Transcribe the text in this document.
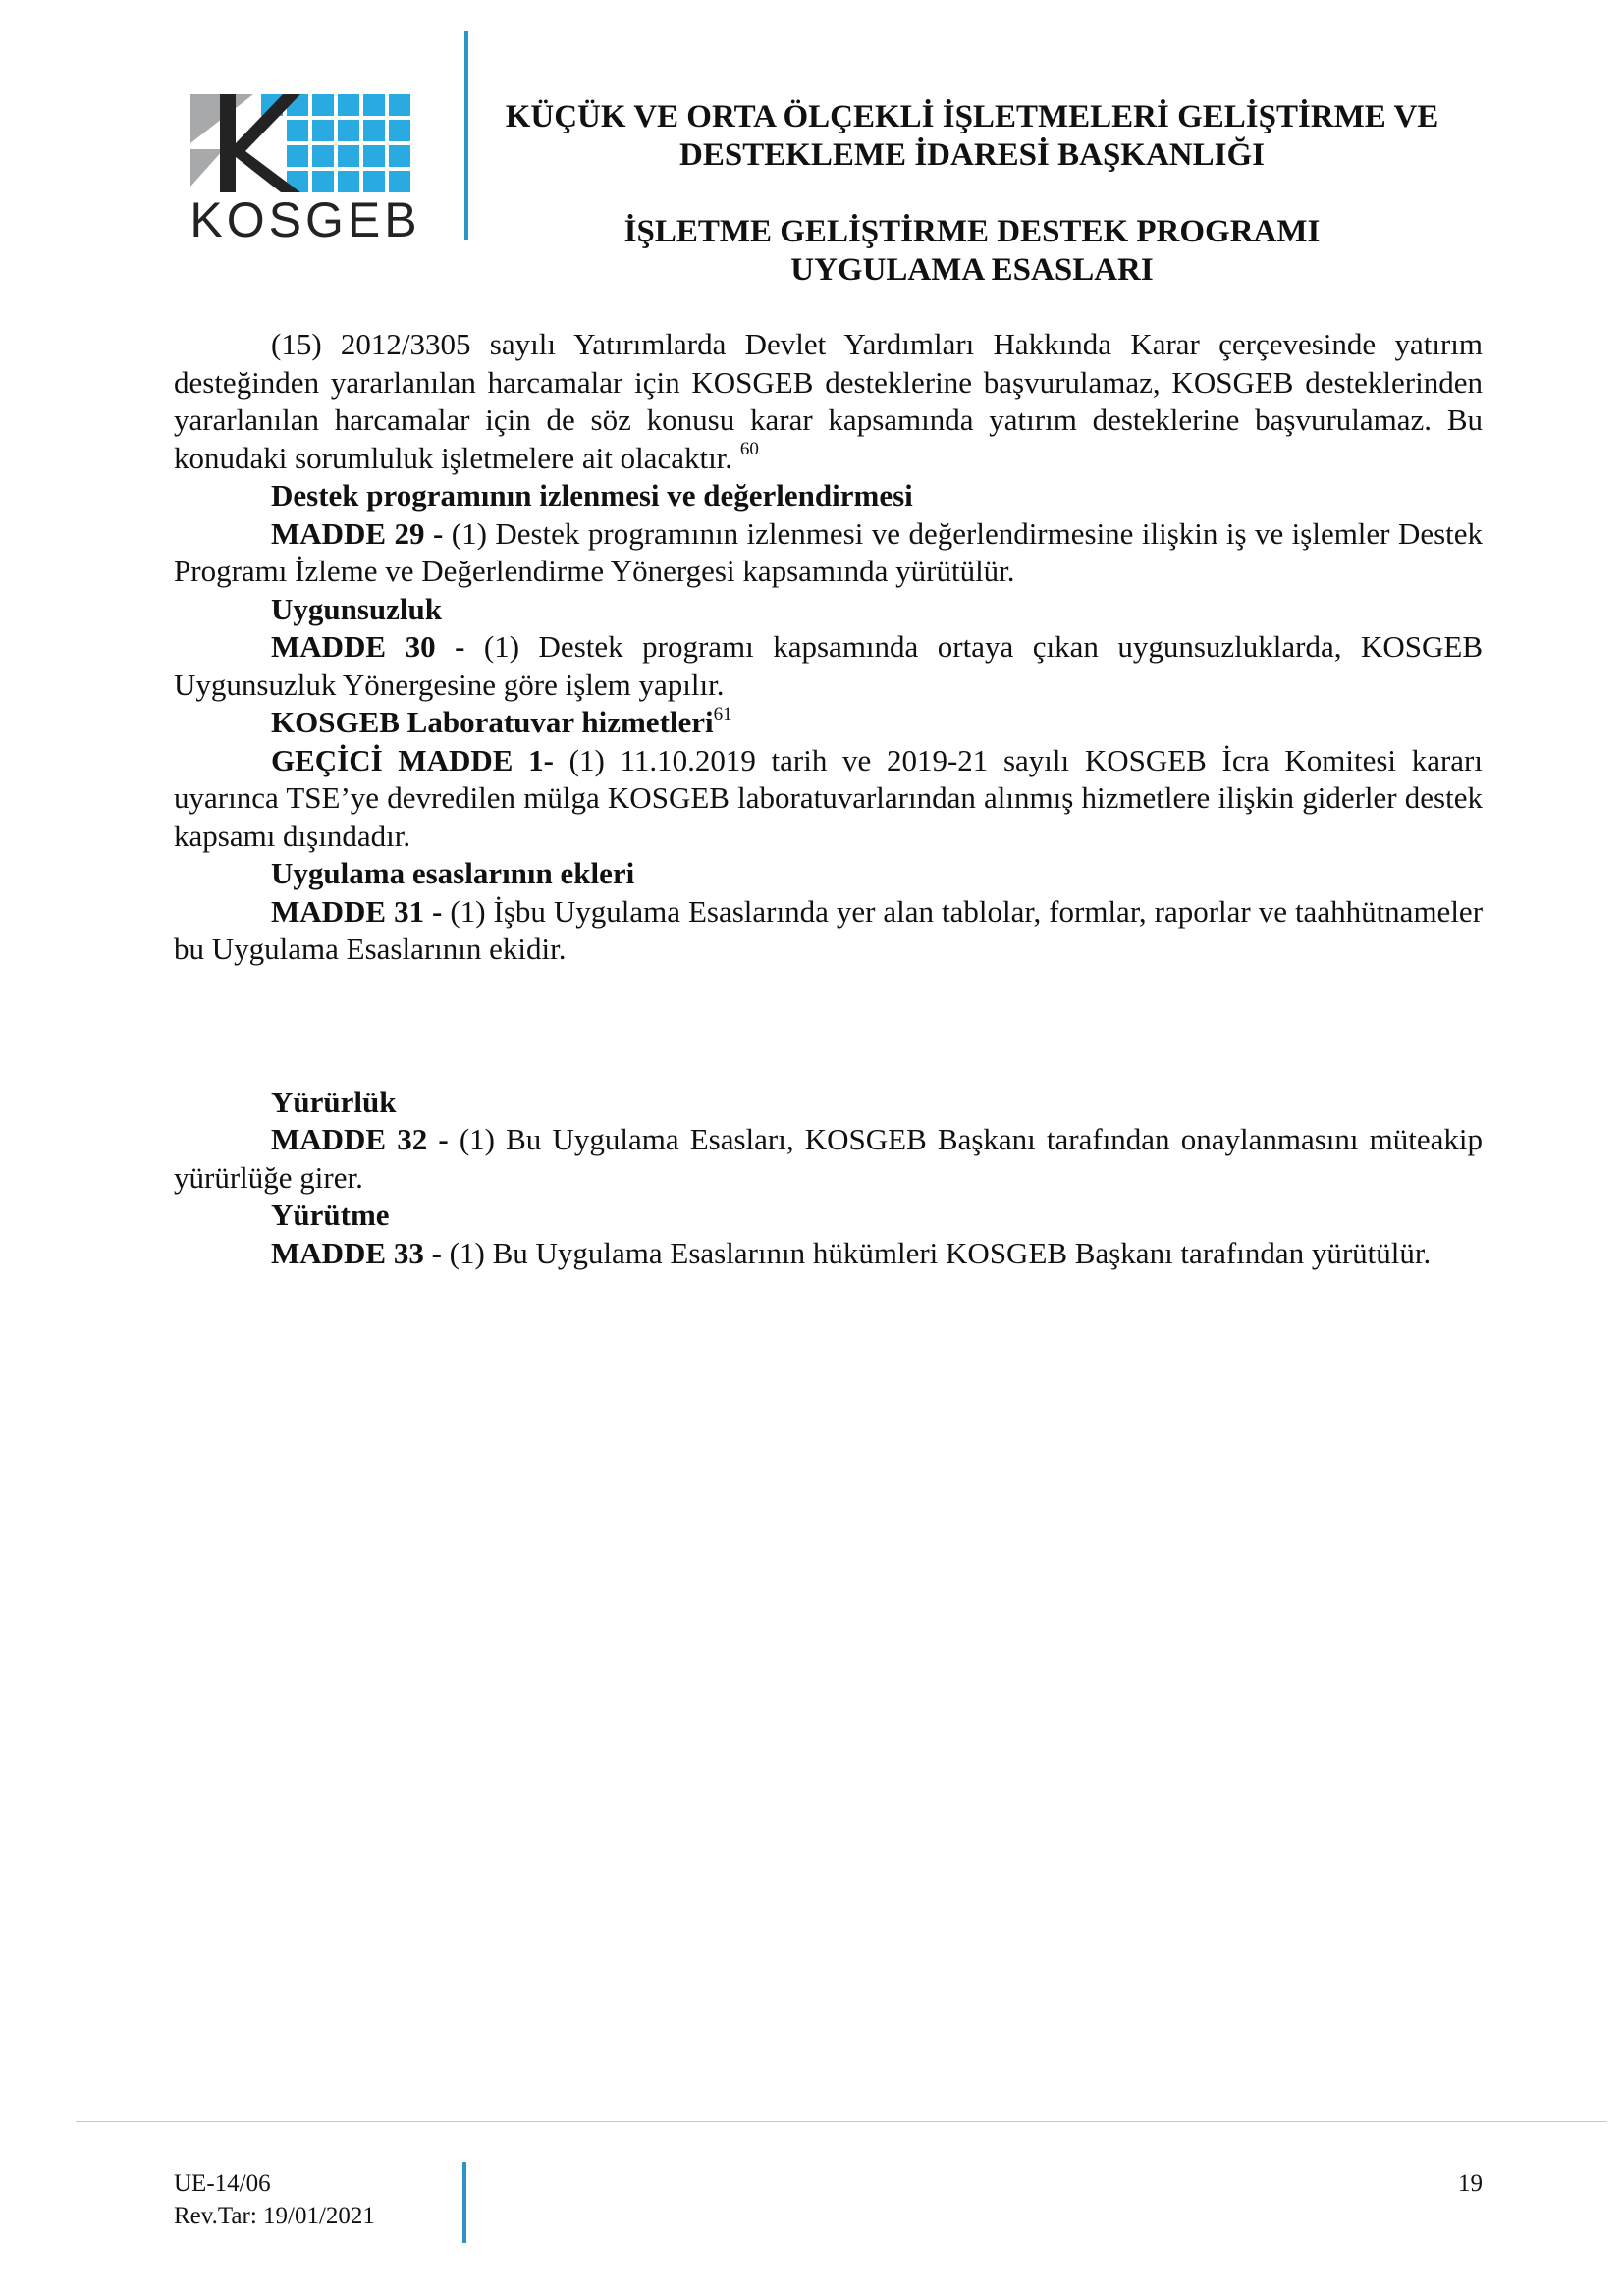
KOSGEB
KÜÇÜK VE ORTA ÖLÇEKLİ İŞLETMELERİ GELİŞTİRME VE
DESTEKLEME İDARESİ BAŞKANLIĞI
İŞLETME GELİŞTİRME DESTEK PROGRAMI
UYGULAMA ESASLARI

(15) 2012/3305 sayılı Yatırımlarda Devlet Yardımları Hakkında Karar çerçevesinde yatırım desteğinden yararlanılan harcamalar için KOSGEB desteklerine başvurulamaz, KOSGEB desteklerinden yararlanılan harcamalar için de söz konusu karar kapsamında yatırım desteklerine başvurulamaz. Bu konudaki sorumluluk işletmelere ait olacaktır. $^{60}$

Destek programının izlenmesi ve değerlendirmesi

MADDE 29 - (1) Destek programının izlenmesi ve değerlendirmesine ilişkin iş ve işlemler Destek Programı İzleme ve Değerlendirme Yönergesi kapsamında yürütülür.

Uygunsuzluk

MADDE 30 - (1) Destek programı kapsamında ortaya çıkan uygunsuzluklarda, KOSGEB Uygunsuzluk Yönergesine göre işlem yapılır.

KOSGEB Laboratuvar hizmetleri$^{61}$

GEÇİCİ MADDE 1- (1) 11.10.2019 tarih ve 2019-21 sayılı KOSGEB İcra Komitesi kararı uyarınca TSE’ye devredilen mülga KOSGEB laboratuvarlarından alınmış hizmetlere ilişkin giderler destek kapsamı dışındadır.

Uygulama esaslarının ekleri

MADDE 31 - (1) İşbu Uygulama Esaslarında yer alan tablolar, formlar, raporlar ve taahhütnameler bu Uygulama Esaslarının ekidir.

Yürürlük

MADDE 32 - (1) Bu Uygulama Esasları, KOSGEB Başkanı tarafından onaylanmasını müteakip yürürlüğe girer.

Yürütme

MADDE 33 - (1) Bu Uygulama Esaslarının hükümleri KOSGEB Başkanı tarafından yürütülür.

UE-14/06
Rev.Tar: 19/01/2021
19
